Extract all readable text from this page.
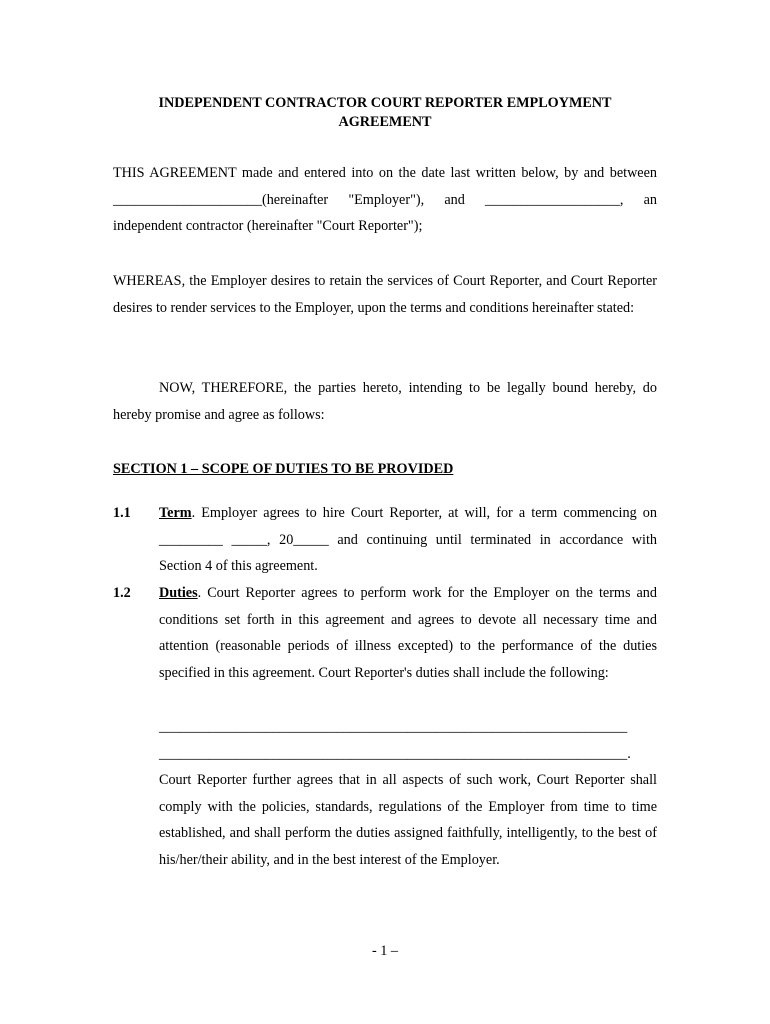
INDEPENDENT CONTRACTOR COURT REPORTER EMPLOYMENT AGREEMENT
THIS AGREEMENT made and entered into on the date last written below, by and between _____________________(hereinafter "Employer"), and ___________________, an independent contractor (hereinafter "Court Reporter");
WHEREAS, the Employer desires to retain the services of Court Reporter, and Court Reporter desires to render services to the Employer, upon the terms and conditions hereinafter stated:
NOW, THEREFORE, the parties hereto, intending to be legally bound hereby, do hereby promise and agree as follows:
SECTION 1 – SCOPE OF DUTIES TO BE PROVIDED
1.1 Term. Employer agrees to hire Court Reporter, at will, for a term commencing on _________ _____, 20_____ and continuing until terminated in accordance with Section 4 of this agreement.
1.2 Duties. Court Reporter agrees to perform work for the Employer on the terms and conditions set forth in this agreement and agrees to devote all necessary time and attention (reasonable periods of illness excepted) to the performance of the duties specified in this agreement. Court Reporter's duties shall include the following:
__________________________________________________________________
__________________________________________________________________.
Court Reporter further agrees that in all aspects of such work, Court Reporter shall comply with the policies, standards, regulations of the Employer from time to time established, and shall perform the duties assigned faithfully, intelligently, to the best of his/her/their ability, and in the best interest of the Employer.
- 1 –
